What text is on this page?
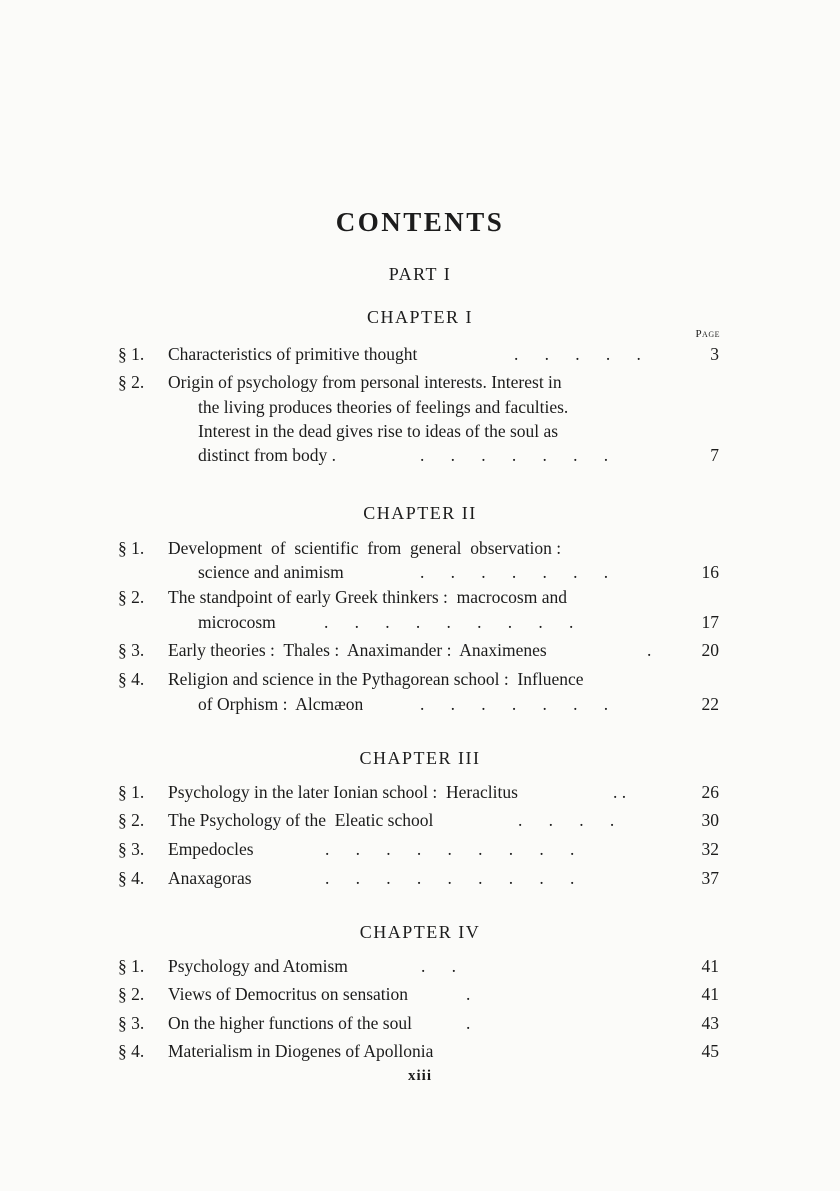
CONTENTS
PART I
CHAPTER I
Page
§ 1. Characteristics of primitive thought	.      .      .      .      .	3
§ 2. Origin of psychology from personal interests. Interest in
the living produces theories of feelings and faculties.
Interest in the dead gives rise to ideas of the soul as
distinct from body .	.      .      .      .      .      .      .	7
CHAPTER II
§ 1. Development  of  scientific  from  general  observation :
science and animism	.      .      .      .      .      .      .	16
§ 2. The standpoint of early Greek thinkers :  macrocosm and
microcosm	.      .      .      .      .      .      .      .      .	17
§ 3. Early theories :  Thales :  Anaximander :  Anaximenes	.	20
§ 4. Religion and science in the Pythagorean school :  Influence
of Orphism :  Alcmæon	.      .      .      .      .      .      .	22
CHAPTER III
§ 1. Psychology in the later Ionian school :  Heraclitus	. .	26
§ 2. The Psychology of the  Eleatic school	.      .      .      .	30
§ 3. Empedocles	.      .      .      .      .      .      .      .      .	32
§ 4. Anaxagoras	.      .      .      .      .      .      .      .      .	37
CHAPTER IV
§ 1. Psychology and Atomism	.      .	41
§ 2. Views of Democritus on sensation	.	41
§ 3. On the higher functions of the soul	.	43
§ 4. Materialism in Diogenes of Apollonia	45
xiii
